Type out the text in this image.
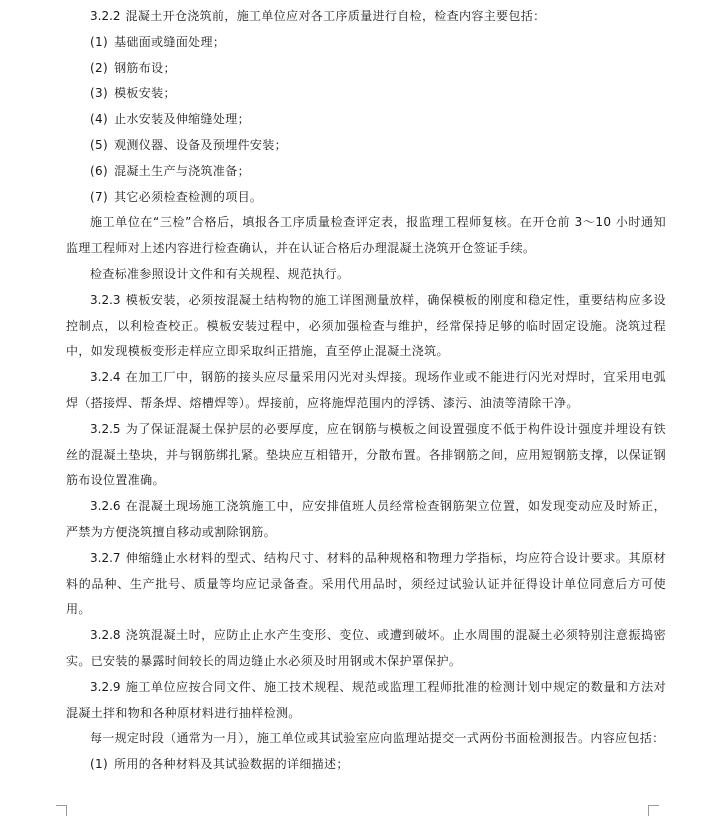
3.2.2 混凝土开仓浇筑前，施工单位应对各工序质量进行自检，检查内容主要包括：

(1) 基础面或缝面处理；
(2) 钢筋布设；
(3) 模板安装；
(4) 止水安装及伸缩缝处理；
(5) 观测仪器、设备及预埋件安装；
(6) 混凝土生产与浇筑准备；
(7) 其它必须检查检测的项目。

施工单位在“三检”合格后，填报各工序质量检查评定表，报监理工程师复核。在开仓前 3～10 小时通知监理工程师对上述内容进行检查确认，并在认证合格后办理混凝土浇筑开仓签证手续。

检查标准参照设计文件和有关规程、规范执行。

3.2.3 模板安装，必须按混凝土结构物的施工详图测量放样，确保模板的刚度和稳定性，重要结构应多设控制点，以利检查校正。模板安装过程中，必须加强检查与维护，经常保持足够的临时固定设施。浇筑过程中，如发现模板变形走样应立即采取纠正措施，直至停止混凝土浇筑。

3.2.4 在加工厂中，钢筋的接头应尽量采用闪光对头焊接。现场作业或不能进行闪光对焊时，宜采用电弧焊（搭接焊、帮条焊、熔槽焊等）。焊接前，应将施焊范围内的浮锈、漆污、油渍等清除干净。

3.2.5 为了保证混凝土保护层的必要厚度，应在钢筋与模板之间设置强度不低于构件设计强度并埋设有铁丝的混凝土垫块，并与钢筋绑扎紧。垫块应互相错开，分散布置。各排钢筋之间，应用短钢筋支撑，以保证钢筋布设位置准确。

3.2.6 在混凝土现场施工浇筑施工中，应安排值班人员经常检查钢筋架立位置，如发现变动应及时矫正，严禁为方便浇筑擅自移动或割除钢筋。

3.2.7 伸缩缝止水材料的型式、结构尺寸、材料的品种规格和物理力学指标，均应符合设计要求。其原材料的品种、生产批号、质量等均应记录备查。采用代用品时，须经过试验认证并征得设计单位同意后方可使用。

3.2.8 浇筑混凝土时，应防止止水产生变形、变位、或遭到破坏。止水周围的混凝土必须特别注意振捣密实。已安装的暴露时间较长的周边缝止水必须及时用钢或木保护罩保护。

3.2.9 施工单位应按合同文件、施工技术规程、规范或监理工程师批准的检测计划中规定的数量和方法对混凝土拌和物和各种原材料进行抽样检测。

每一规定时段（通常为一月），施工单位或其试验室应向监理站提交一式两份书面检测报告。内容应包括：

(1) 所用的各种材料及其试验数据的详细描述；
